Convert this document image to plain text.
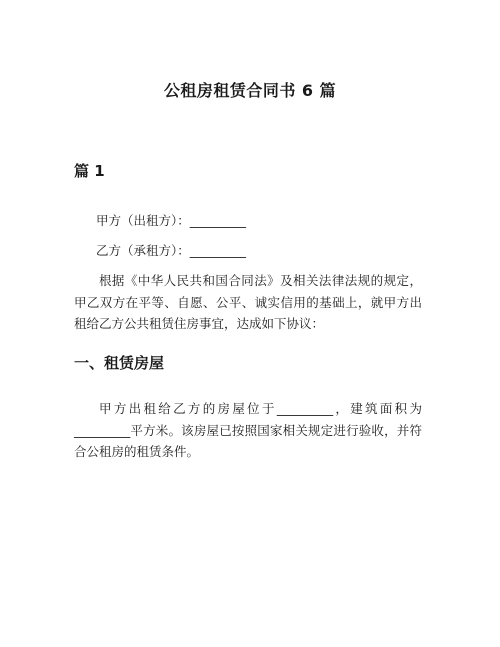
公租房租赁合同书 6 篇
篇 1
甲方（出租方）：_________
乙方（承租方）：_________
根据《中华人民共和国合同法》及相关法律法规的规定，甲乙双方在平等、自愿、公平、诚实信用的基础上，就甲方出租给乙方公共租赁住房事宜，达成如下协议：
一、租赁房屋
甲方出租给乙方的房屋位于_________，建筑面积为_________平方米。该房屋已按照国家相关规定进行验收，并符合公租房的租赁条件。
